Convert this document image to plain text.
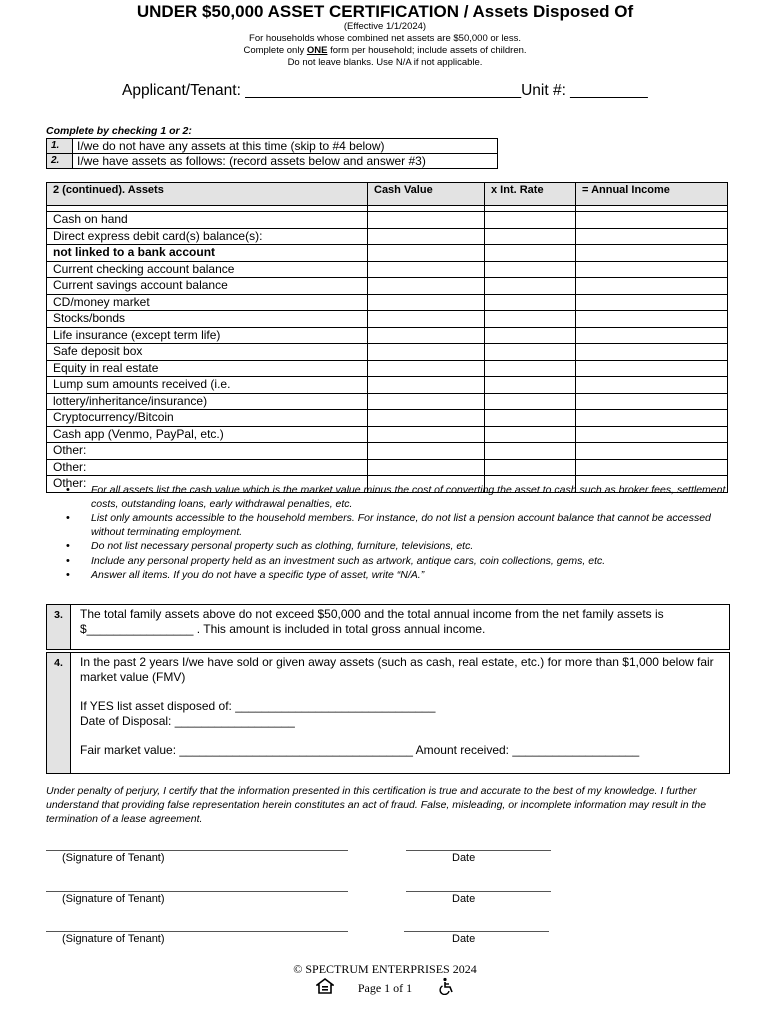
UNDER $50,000 ASSET CERTIFICATION / Assets Disposed Of
(Effective 1/1/2024)
For households whose combined net assets are $50,000 or less.
Complete only ONE form per household; include assets of children.
Do not leave blanks. Use N/A if not applicable.
Applicant/Tenant: ________________________________Unit #: _________
Complete by checking 1 or 2:
1.	I/we do not have any assets at this time (skip to #4 below)
2.	I/we have assets as follows: (record assets below and answer #3)
2 (continued). Assets	Cash Value	x Int. Rate	= Annual Income

Cash on hand			
Direct express debit card(s) balance(s):			
not linked to a bank account			
Current checking account balance			
Current savings account balance			
CD/money market			
Stocks/bonds			
Life insurance (except term life)			
Safe deposit box			
Equity in real estate			
Lump sum amounts received (i.e.			
lottery/inheritance/insurance)			
Cryptocurrency/Bitcoin			
Cash app (Venmo, PayPal, etc.)			
Other:			
Other:			
Other:			• For all assets list the cash value which is the market value minus the cost of converting the asset to cash such as broker fees, settlement costs, outstanding loans, early withdrawal penalties, etc.
• List only amounts accessible to the household members. For instance, do not list a pension account balance that cannot be accessed without terminating employment.
• Do not list necessary personal property such as clothing, furniture, televisions, etc.
• Include any personal property held as an investment such as artwork, antique cars, coin collections, gems, etc.
• Answer all items. If you do not have a specific type of asset, write “N/A.”
3.	The total family assets above do not exceed $50,000 and the total annual income from the net family assets is $________________ . This amount is included in total gross annual income.
4.	In the past 2 years I/we have sold or given away assets (such as cash, real estate, etc.) for more than $1,000 below fair market value (FMV)

If YES list asset disposed of: ______________________________

Date of Disposal: __________________

Fair market value: ___________________________________ Amount received: ___________________

Under penalty of perjury, I certify that the information presented in this certification is true and accurate to the best of my knowledge. I further understand that providing false representation herein constitutes an act of fraud. False, misleading, or incomplete information may result in the termination of a lease agreement.
(Signature of Tenant)	Date
(Signature of Tenant)	Date
(Signature of Tenant)	Date
© SPECTRUM ENTERPRISES 2024
Page 1 of 1
